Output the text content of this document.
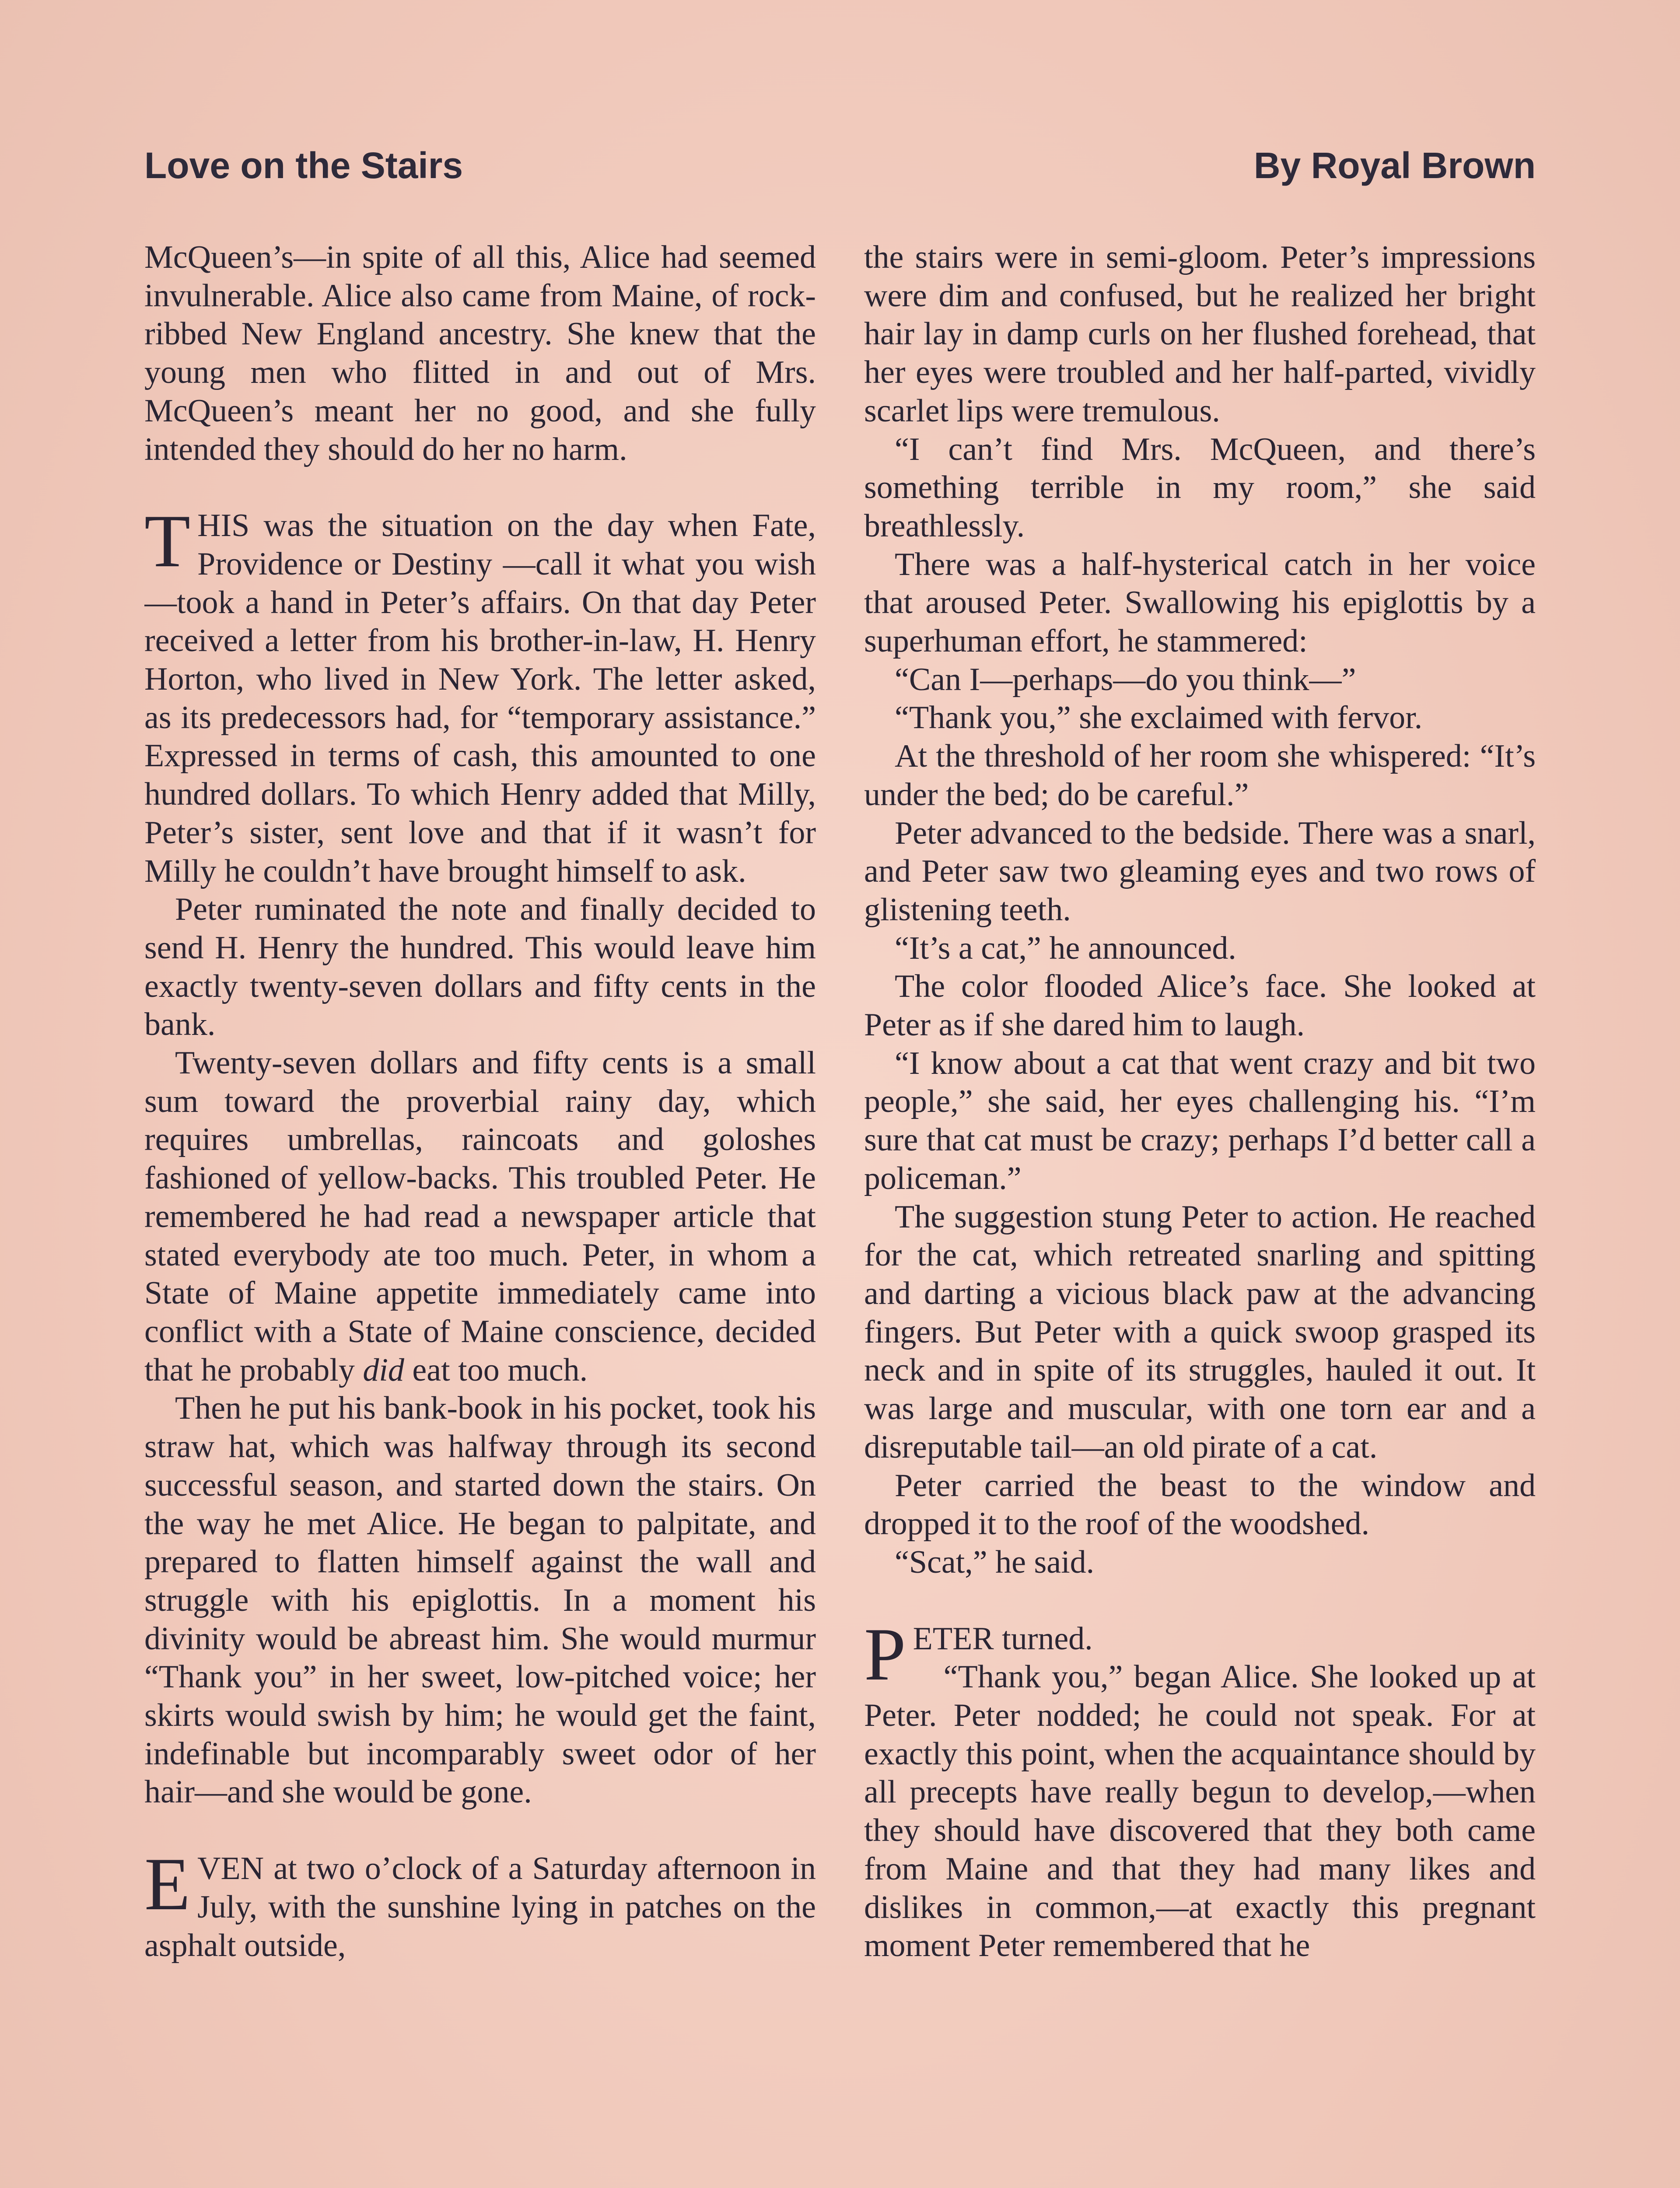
Love on the Stairs	By Royal Brown

McQueen’s—in spite of all this, Alice had seemed invulnerable. Alice also came from Maine, of rock-ribbed New England ancestry. She knew that the young men who flitted in and out of Mrs. McQueen’s meant her no good, and she fully intended they should do her no harm.

THIS was the situation on the day when Fate, Providence or Destiny —call it what you wish—took a hand in Peter’s affairs. On that day Peter received a letter from his brother-in-law, H. Henry Horton, who lived in New York. The letter asked, as its predecessors had, for “temporary assistance.” Expressed in terms of cash, this amounted to one hundred dollars. To which Henry added that Milly, Peter’s sister, sent love and that if it wasn’t for Milly he couldn’t have brought himself to ask.

Peter ruminated the note and finally decided to send H. Henry the hundred. This would leave him exactly twenty-seven dollars and fifty cents in the bank.

Twenty-seven dollars and fifty cents is a small sum toward the proverbial rainy day, which requires umbrellas, raincoats and goloshes fashioned of yellow-backs. This troubled Peter. He remembered he had read a newspaper article that stated everybody ate too much. Peter, in whom a State of Maine appetite immediately came into conflict with a State of Maine conscience, decided that he probably did eat too much.

Then he put his bank-book in his pocket, took his straw hat, which was halfway through its second successful season, and started down the stairs. On the way he met Alice. He began to palpitate, and prepared to flatten himself against the wall and struggle with his epiglottis. In a moment his divinity would be abreast him. She would murmur “Thank you” in her sweet, low-pitched voice; her skirts would swish by him; he would get the faint, indefinable but incomparably sweet odor of her hair—and she would be gone.

EVEN at two o’clock of a Saturday afternoon in July, with the sunshine lying in patches on the asphalt outside,

the stairs were in semi-gloom. Peter’s impressions were dim and confused, but he realized her bright hair lay in damp curls on her flushed forehead, that her eyes were troubled and her half-parted, vividly scarlet lips were tremulous.

“I can’t find Mrs. McQueen, and there’s something terrible in my room,” she said breathlessly.

There was a half-hysterical catch in her voice that aroused Peter. Swallowing his epiglottis by a superhuman effort, he stammered:

“Can I—perhaps—do you think—”

“Thank you,” she exclaimed with fervor.

At the threshold of her room she whispered: “It’s under the bed; do be careful.”

Peter advanced to the bedside. There was a snarl, and Peter saw two gleaming eyes and two rows of glistening teeth.

“It’s a cat,” he announced.

The color flooded Alice’s face. She looked at Peter as if she dared him to laugh.

“I know about a cat that went crazy and bit two people,” she said, her eyes challenging his. “I’m sure that cat must be crazy; perhaps I’d better call a policeman.”

The suggestion stung Peter to action. He reached for the cat, which retreated snarling and spitting and darting a vicious black paw at the advancing fingers. But Peter with a quick swoop grasped its neck and in spite of its struggles, hauled it out. It was large and muscular, with one torn ear and a disreputable tail—an old pirate of a cat.

Peter carried the beast to the window and dropped it to the roof of the woodshed.

“Scat,” he said.

PETER turned.

“Thank you,” began Alice. She looked up at Peter. Peter nodded; he could not speak. For at exactly this point, when the acquaintance should by all precepts have really begun to develop,—when they should have discovered that they both came from Maine and that they had many likes and dislikes in common,—at exactly this pregnant moment Peter remembered that he
